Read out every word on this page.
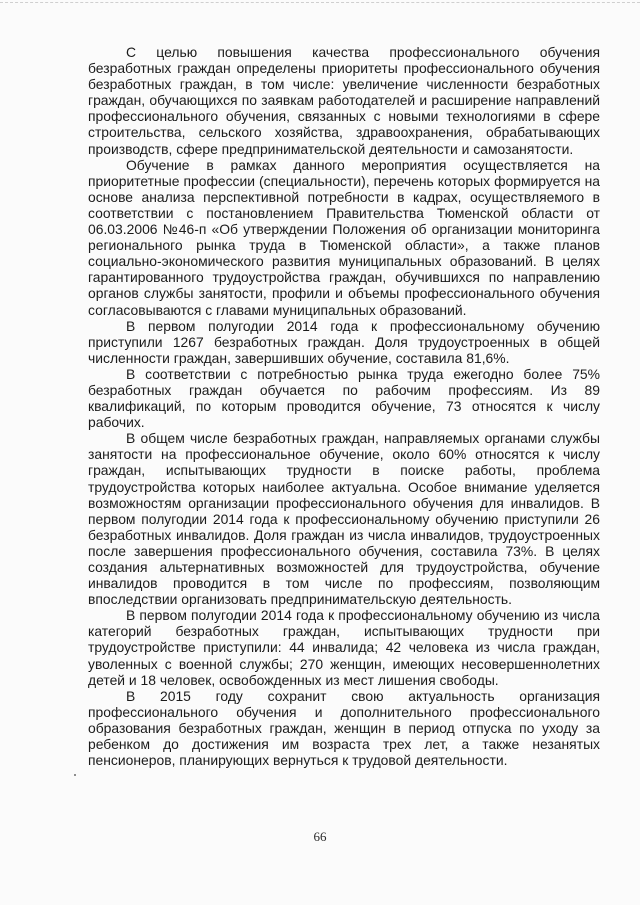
С целью повышения качества профессионального обучения безработных граждан определены приоритеты профессионального обучения безработных граждан, в том числе: увеличение численности безработных граждан, обучающихся по заявкам работодателей и расширение направлений профессионального обучения, связанных с новыми технологиями в сфере строительства, сельского хозяйства, здравоохранения, обрабатывающих производств, сфере предпринимательской деятельности и самозанятости.

Обучение в рамках данного мероприятия осуществляется на приоритетные профессии (специальности), перечень которых формируется на основе анализа перспективной потребности в кадрах, осуществляемого в соответствии с постановлением Правительства Тюменской области от 06.03.2006 №46-п «Об утверждении Положения об организации мониторинга регионального рынка труда в Тюменской области», а также планов социально-экономического развития муниципальных образований. В целях гарантированного трудоустройства граждан, обучившихся по направлению органов службы занятости, профили и объемы профессионального обучения согласовываются с главами муниципальных образований.

В первом полугодии 2014 года к профессиональному обучению приступили 1267 безработных граждан. Доля трудоустроенных в общей численности граждан, завершивших обучение, составила 81,6%.

В соответствии с потребностью рынка труда ежегодно более 75% безработных граждан обучается по рабочим профессиям. Из 89 квалификаций, по которым проводится обучение, 73 относятся к числу рабочих.

В общем числе безработных граждан, направляемых органами службы занятости на профессиональное обучение, около 60% относятся к числу граждан, испытывающих трудности в поиске работы, проблема трудоустройства которых наиболее актуальна. Особое внимание уделяется возможностям организации профессионального обучения для инвалидов. В первом полугодии 2014 года к профессиональному обучению приступили 26 безработных инвалидов. Доля граждан из числа инвалидов, трудоустроенных после завершения профессионального обучения, составила 73%. В целях создания альтернативных возможностей для трудоустройства, обучение инвалидов проводится в том числе по профессиям, позволяющим впоследствии организовать предпринимательскую деятельность.

В первом полугодии 2014 года к профессиональному обучению из числа категорий безработных граждан, испытывающих трудности при трудоустройстве приступили: 44 инвалида; 42 человека из числа граждан, уволенных с военной службы; 270 женщин, имеющих несовершеннолетних детей и 18 человек, освобожденных из мест лишения свободы.

В 2015 году сохранит свою актуальность организация профессионального обучения и дополнительного профессионального образования безработных граждан, женщин в период отпуска по уходу за ребенком до достижения им возраста трех лет, а также незанятых пенсионеров, планирующих вернуться к трудовой деятельности.

66
